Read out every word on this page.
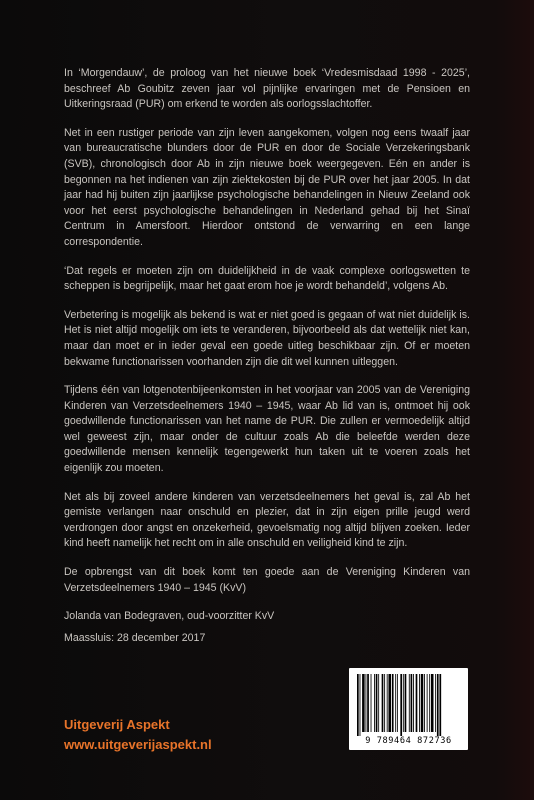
In ‘Morgendauw’, de proloog van het nieuwe boek ‘Vredesmisdaad 1998 - 2025’, beschreef Ab Goubitz zeven jaar vol pijnlijke ervaringen met de Pensioen en Uitkeringsraad (PUR) om erkend te worden als oorlogsslachtoffer.

Net in een rustiger periode van zijn leven aangekomen, volgen nog eens twaalf jaar van bureaucratische blunders door de PUR en door de Sociale Verzekeringsbank (SVB), chronologisch door Ab in zijn nieuwe boek weergegeven. Eén en ander is begonnen na het indienen van zijn ziektekosten bij de PUR over het jaar 2005. In dat jaar had hij buiten zijn jaarlijkse psychologische behandelingen in Nieuw Zeeland ook voor het eerst psychologische behandelingen in Nederland gehad bij het Sinaï Centrum in Amersfoort. Hierdoor ontstond de verwarring en een lange correspondentie.

‘Dat regels er moeten zijn om duidelijkheid in de vaak complexe oorlogswetten te scheppen is begrijpelijk, maar het gaat erom hoe je wordt behandeld’, volgens Ab.

Verbetering is mogelijk als bekend is wat er niet goed is gegaan of wat niet duidelijk is. Het is niet altijd mogelijk om iets te veranderen, bijvoorbeeld als dat wettelijk niet kan, maar dan moet er in ieder geval een goede uitleg beschikbaar zijn. Of er moeten bekwame functionarissen voorhanden zijn die dit wel kunnen uitleggen.

Tijdens één van lotgenotenbijeenkomsten in het voorjaar van 2005 van de Vereniging Kinderen van Verzetsdeelnemers 1940 – 1945, waar Ab lid van is, ontmoet hij ook goedwillende functionarissen van het name de PUR. Die zullen er vermoedelijk altijd wel geweest zijn, maar onder de cultuur zoals Ab die beleefde werden deze goedwillende mensen kennelijk tegengewerkt hun taken uit te voeren zoals het eigenlijk zou moeten.

Net als bij zoveel andere kinderen van verzetsdeelnemers het geval is, zal Ab het gemiste verlangen naar onschuld en plezier, dat in zijn eigen prille jeugd werd verdrongen door angst en onzekerheid, gevoelsmatig nog altijd blijven zoeken. Ieder kind heeft namelijk het recht om in alle onschuld en veiligheid kind te zijn.

De opbrengst van dit boek komt ten goede aan de Vereniging Kinderen van Verzetsdeelnemers 1940 – 1945 (KvV)

Jolanda van Bodegraven, oud-voorzitter KvV

Maassluis: 28 december 2017

Uitgeverij Aspekt
www.uitgeverijaspekt.nl	9 789464 872736
